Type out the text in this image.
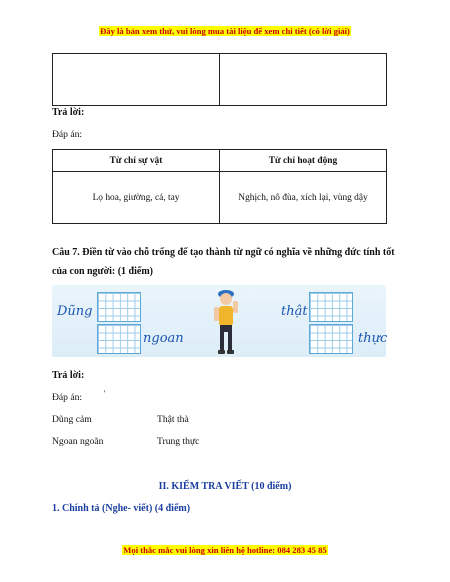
Đây là bản xem thử, vui lòng mua tài liệu để xem chi tiết (có lời giải)

Trả lời:
Đáp án:
Từ chỉ sự vật	Từ chỉ hoạt động
Lọ hoa, giường, cá, tay	Nghịch, nô đùa, xích lại, vùng dậy
Câu 7. Điền từ vào chỗ trống để tạo thành từ ngữ có nghĩa về những đức tính tốt của con người: (1 điểm)
Dũng
ngoan
thật
thực
Trả lời:
Đáp án:	'
Dũng cảm	Thật thà
Ngoan ngoãn	Trung thực
II. KIỂM TRA VIẾT (10 điểm)
1. Chính tả (Nghe- viết) (4 điểm)
Mọi thắc mắc vui lòng xin liên hệ hotline: 084 283 45 85
